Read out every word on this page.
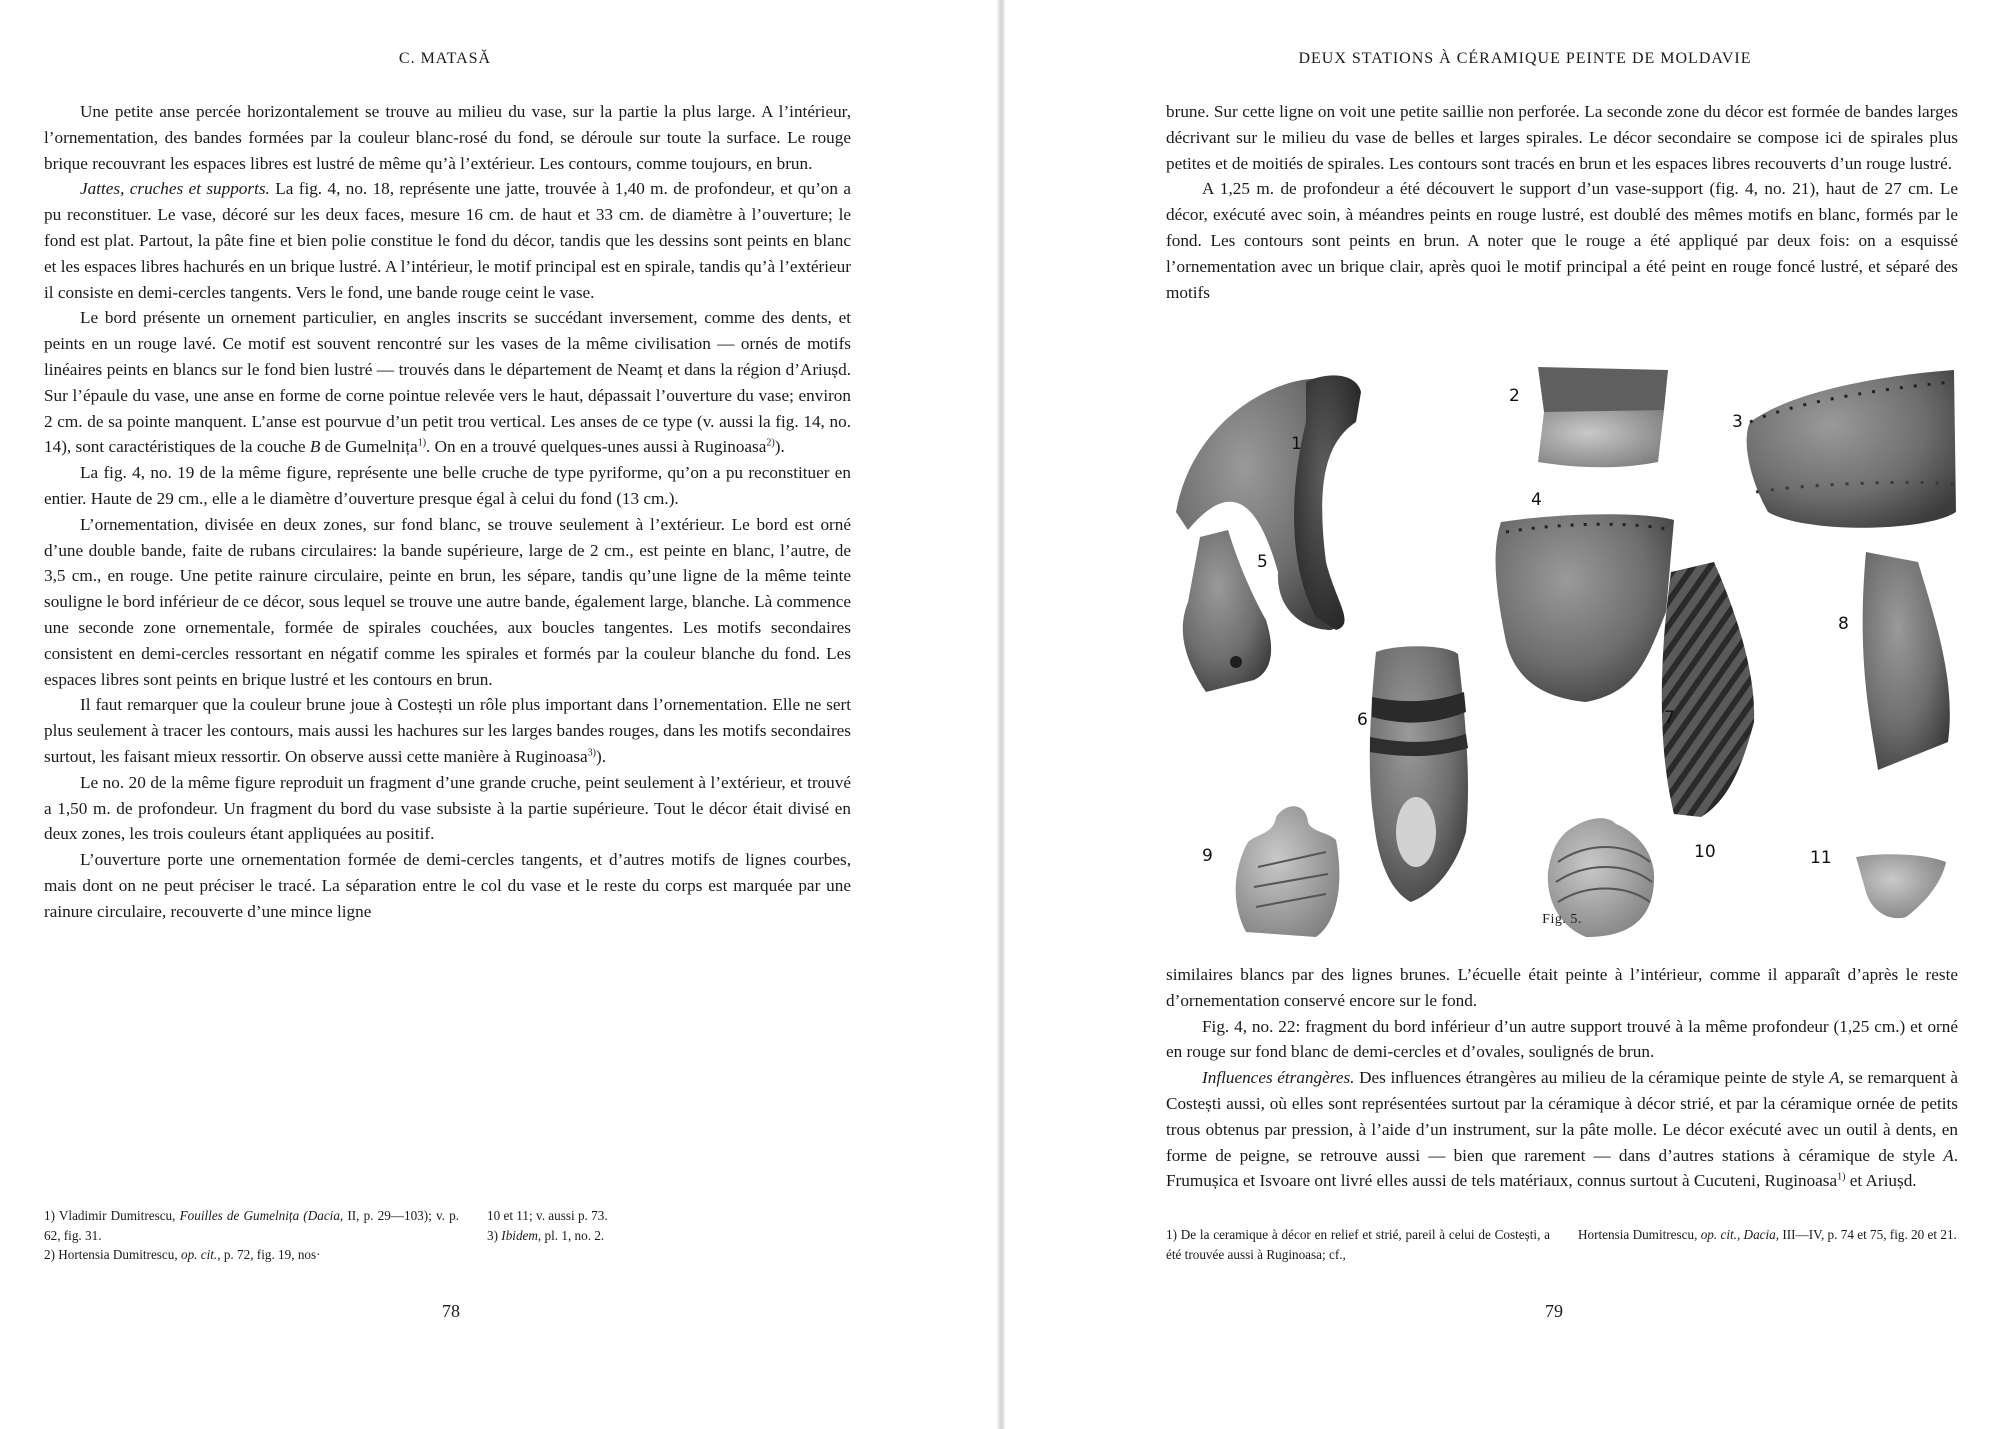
C. MATASĂ

Une petite anse percée horizontalement se trouve au milieu du vase, sur la partie la plus large. A l’intérieur, l’ornementation, des bandes formées par la couleur blanc-rosé du fond, se déroule sur toute la surface. Le rouge brique recouvrant les espaces libres est lustré de même qu’à l’extérieur. Les contours, comme toujours, en brun.

Jattes, cruches et supports. La fig. 4, no. 18, représente une jatte, trouvée à 1,40 m. de profondeur, et qu’on a pu reconstituer. Le vase, décoré sur les deux faces, mesure 16 cm. de haut et 33 cm. de diamètre à l’ouverture; le fond est plat. Partout, la pâte fine et bien polie constitue le fond du décor, tandis que les dessins sont peints en blanc et les espaces libres hachurés en un brique lustré. A l’intérieur, le motif principal est en spirale, tandis qu’à l’extérieur il consiste en demi-cercles tangents. Vers le fond, une bande rouge ceint le vase.

Le bord présente un ornement particulier, en angles inscrits se succédant inversement, comme des dents, et peints en un rouge lavé. Ce motif est souvent rencontré sur les vases de la même civilisation — ornés de motifs linéaires peints en blancs sur le fond bien lustré — trouvés dans le département de Neamț et dans la région d’Ariușd. Sur l’épaule du vase, une anse en forme de corne pointue relevée vers le haut, dépassait l’ouverture du vase; environ 2 cm. de sa pointe manquent. L’anse est pourvue d’un petit trou vertical. Les anses de ce type (v. aussi la fig. 14, no. 14), sont caractéristiques de la couche B de Gumelnița$^{1)}$. On en a trouvé quelques-unes aussi à Ruginoasa$^{2)}$).

La fig. 4, no. 19 de la même figure, représente une belle cruche de type pyriforme, qu’on a pu reconstituer en entier. Haute de 29 cm., elle a le diamètre d’ouverture presque égal à celui du fond (13 cm.).

L’ornementation, divisée en deux zones, sur fond blanc, se trouve seulement à l’extérieur. Le bord est orné d’une double bande, faite de rubans circulaires: la bande supérieure, large de 2 cm., est peinte en blanc, l’autre, de 3,5 cm., en rouge. Une petite rainure circulaire, peinte en brun, les sépare, tandis qu’une ligne de la même teinte souligne le bord inférieur de ce décor, sous lequel se trouve une autre bande, également large, blanche. Là commence une seconde zone ornementale, formée de spirales couchées, aux boucles tangentes. Les motifs secondaires consistent en demi-cercles ressortant en négatif comme les spirales et formés par la couleur blanche du fond. Les espaces libres sont peints en brique lustré et les contours en brun.

Il faut remarquer que la couleur brune joue à Costești un rôle plus important dans l’ornementation. Elle ne sert plus seulement à tracer les contours, mais aussi les hachures sur les larges bandes rouges, dans les motifs secondaires surtout, les faisant mieux ressortir. On observe aussi cette manière à Ruginoasa$^{3)}$).

Le no. 20 de la même figure reproduit un fragment d’une grande cruche, peint seulement à l’extérieur, et trouvé a 1,50 m. de profondeur. Un fragment du bord du vase subsiste à la partie supérieure. Tout le décor était divisé en deux zones, les trois couleurs étant appliquées au positif.

L’ouverture porte une ornementation formée de demi-cercles tangents, et d’autres motifs de lignes courbes, mais dont on ne peut préciser le tracé. La séparation entre le col du vase et le reste du corps est marquée par une rainure circulaire, recouverte d’une mince ligne

1) Vladimir Dumitrescu, Fouilles de Gumelnița (Dacia, II, p. 29—103); v. p. 62, fig. 31.

2) Hortensia Dumitrescu, op. cit., p. 72, fig. 19, nos·

10 et 11; v. aussi p. 73.

3) Ibidem, pl. 1, no. 2.

78
DEUX STATIONS À CÉRAMIQUE PEINTE DE MOLDAVIE

brune. Sur cette ligne on voit une petite saillie non perforée. La seconde zone du décor est formée de bandes larges décrivant sur le milieu du vase de belles et larges spirales. Le décor secondaire se compose ici de spirales plus petites et de moitiés de spirales. Les contours sont tracés en brun et les espaces libres recouverts d’un rouge lustré.

A 1,25 m. de profondeur a été découvert le support d’un vase-support (fig. 4, no. 21), haut de 27 cm. Le décor, exécuté avec soin, à méandres peints en rouge lustré, est doublé des mêmes motifs en blanc, formés par le fond. Les contours sont peints en brun. A noter que le rouge a été appliqué par deux fois: on a esquissé l’ornementation avec un brique clair, après quoi le motif principal a été peint en rouge foncé lustré, et séparé des motifs

1
2
3
4
5
6	7
8
9	10	11
Fig. 5.

similaires blancs par des lignes brunes. L’écuelle était peinte à l’intérieur, comme il apparaît d’après le reste d’ornementation conservé encore sur le fond.

Fig. 4, no. 22: fragment du bord inférieur d’un autre support trouvé à la même profondeur (1,25 cm.) et orné en rouge sur fond blanc de demi-cercles et d’ovales, soulignés de brun.

Influences étrangères. Des influences étrangères au milieu de la céramique peinte de style A, se remarquent à Costești aussi, où elles sont représentées surtout par la céramique à décor strié, et par la céramique ornée de petits trous obtenus par pression, à l’aide d’un instrument, sur la pâte molle. Le décor exécuté avec un outil à dents, en forme de peigne, se retrouve aussi — bien que rarement — dans d’autres stations à céramique de style A. Frumușica et Isvoare ont livré elles aussi de tels matériaux, connus surtout à Cucuteni, Ruginoasa$^{1)}$ et Ariușd.

1) De la ceramique à décor en relief et strié, pareil à celui de Costești, a été trouvée aussi à Ruginoasa; cf.,

Hortensia Dumitrescu, op. cit., Dacia, III—IV, p. 74 et 75, fig. 20 et 21.

79
